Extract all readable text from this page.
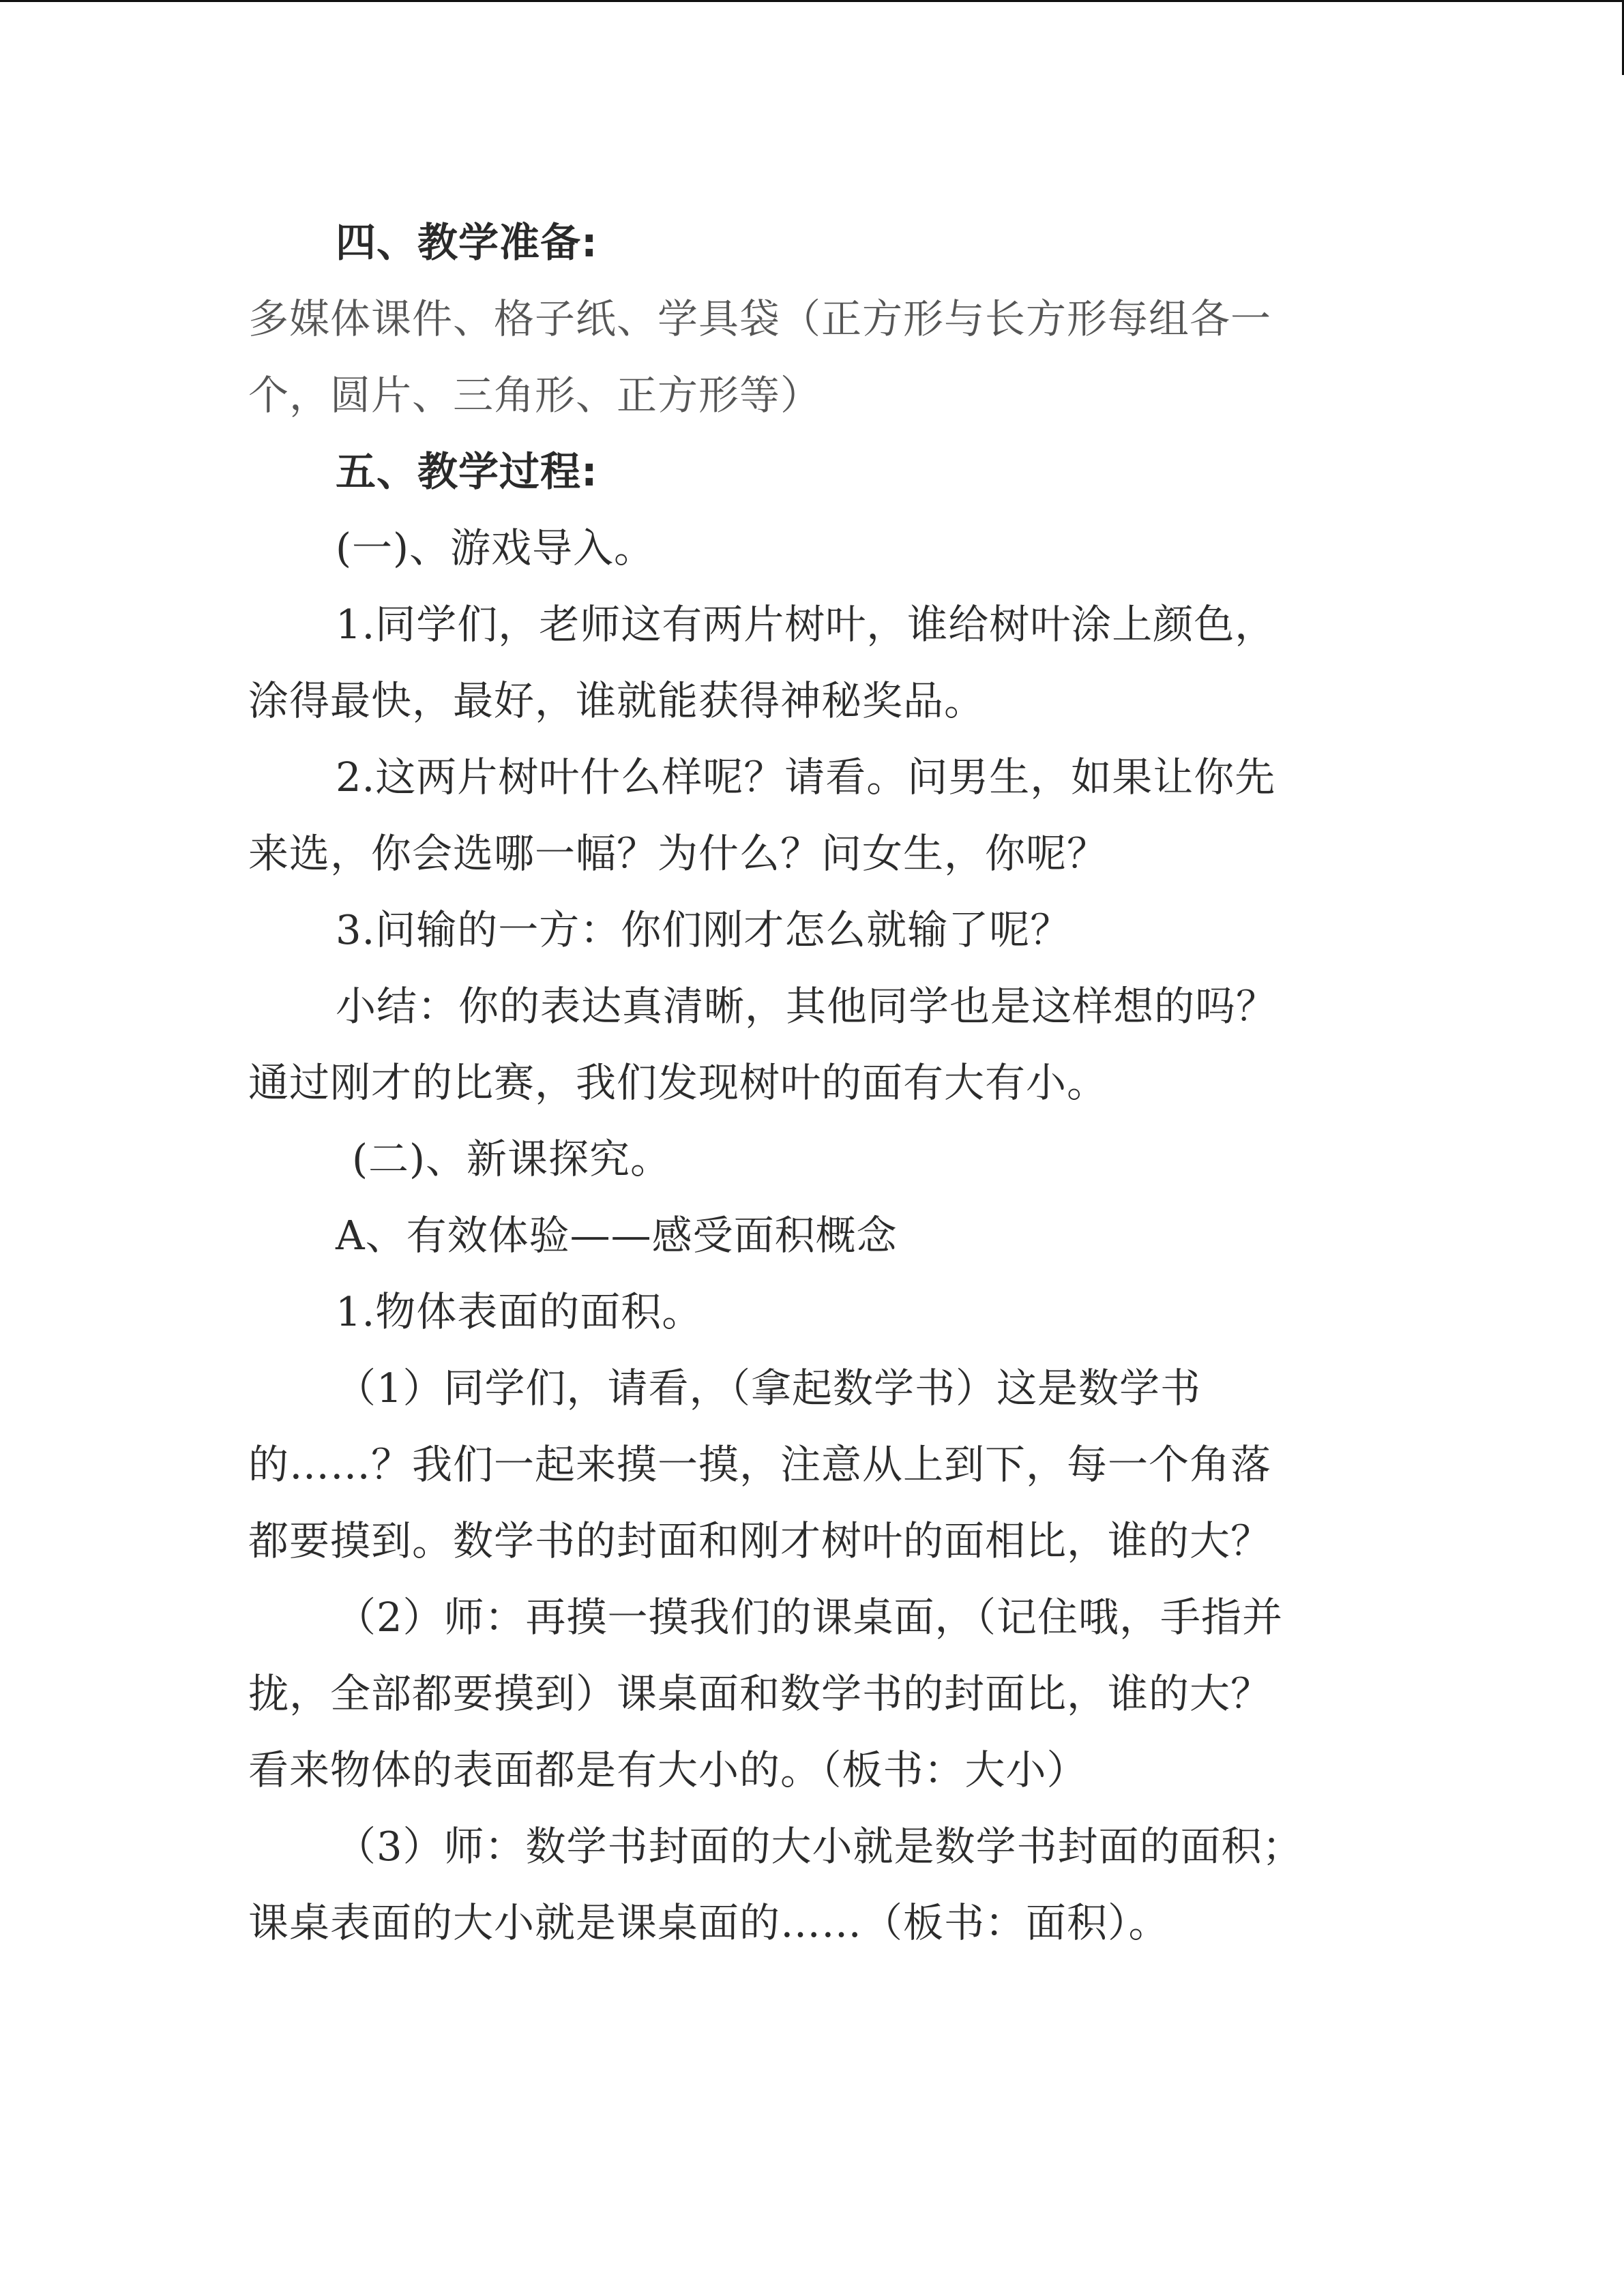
四、教学准备:
多媒体课件、格子纸、学具袋（正方形与长方形每组各一
个，圆片、三角形、正方形等）
五、教学过程:
(一)、游戏导入。
1.同学们，老师这有两片树叶，谁给树叶涂上颜色，
涂得最快，最好，谁就能获得神秘奖品。
2.这两片树叶什么样呢？请看。问男生，如果让你先
来选，你会选哪一幅？为什么？问女生，你呢？
3.问输的一方：你们刚才怎么就输了呢？
小结：你的表达真清晰，其他同学也是这样想的吗？
通过刚才的比赛，我们发现树叶的面有大有小。
(二)、新课探究。
A、有效体验——感受面积概念
1.物体表面的面积。
（1）同学们，请看，（拿起数学书）这是数学书
的……？我们一起来摸一摸，注意从上到下，每一个角落
都要摸到。数学书的封面和刚才树叶的面相比，谁的大？
（2）师：再摸一摸我们的课桌面，（记住哦，手指并
拢，全部都要摸到）课桌面和数学书的封面比，谁的大？
看来物体的表面都是有大小的。（板书：大小）
（3）师：数学书封面的大小就是数学书封面的面积；
课桌表面的大小就是课桌面的……（板书：面积）。
